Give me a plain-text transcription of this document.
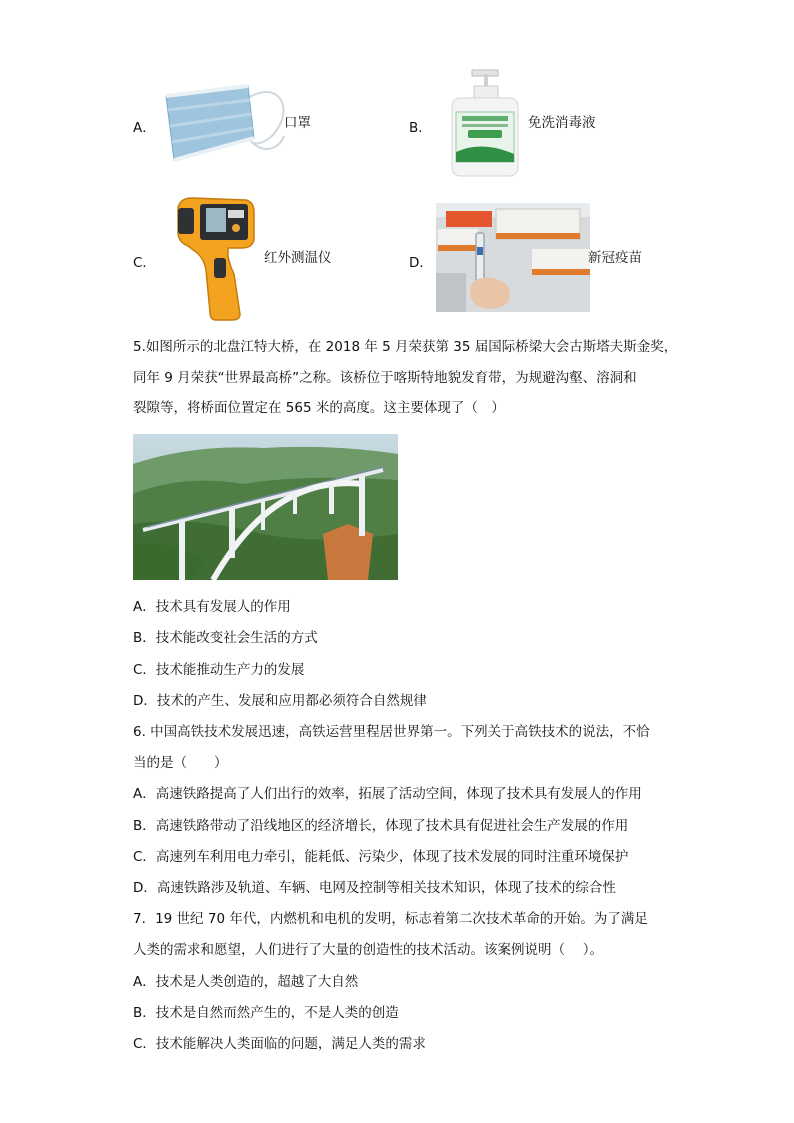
A．	口罩	B．	免洗消毒液
C．	红外测温仪	D．	新冠疫苗
5.如图所示的北盘江特大桥，在 2018 年 5 月荣获第 35 届国际桥梁大会古斯塔夫斯金奖，
同年 9 月荣获“世界最高桥”之称。该桥位于喀斯特地貌发育带，为规避沟壑、溶洞和
裂隙等，将桥面位置定在 565 米的高度。这主要体现了（　）
A．技术具有发展人的作用
B．技术能改变社会生活的方式
C．技术能推动生产力的发展
D．技术的产生、发展和应用都必须符合自然规律
6. 中国高铁技术发展迅速，高铁运营里程居世界第一。下列关于高铁技术的说法，不恰
当的是（　　）
A．高速铁路提高了人们出行的效率，拓展了活动空间，体现了技术具有发展人的作用
B．高速铁路带动了沿线地区的经济增长，体现了技术具有促进社会生产发展的作用
C．高速列车利用电力牵引，能耗低、污染少，体现了技术发展的同时注重环境保护
D．高速铁路涉及轨道、车辆、电网及控制等相关技术知识，体现了技术的综合性
7．19 世纪 70 年代，内燃机和电机的发明，标志着第二次技术革命的开始。为了满足
人类的需求和愿望，人们进行了大量的创造性的技术活动。该案例说明（　 ）。
A．技术是人类创造的，超越了大自然
B．技术是自然而然产生的，不是人类的创造
C．技术能解决人类面临的问题，满足人类的需求
